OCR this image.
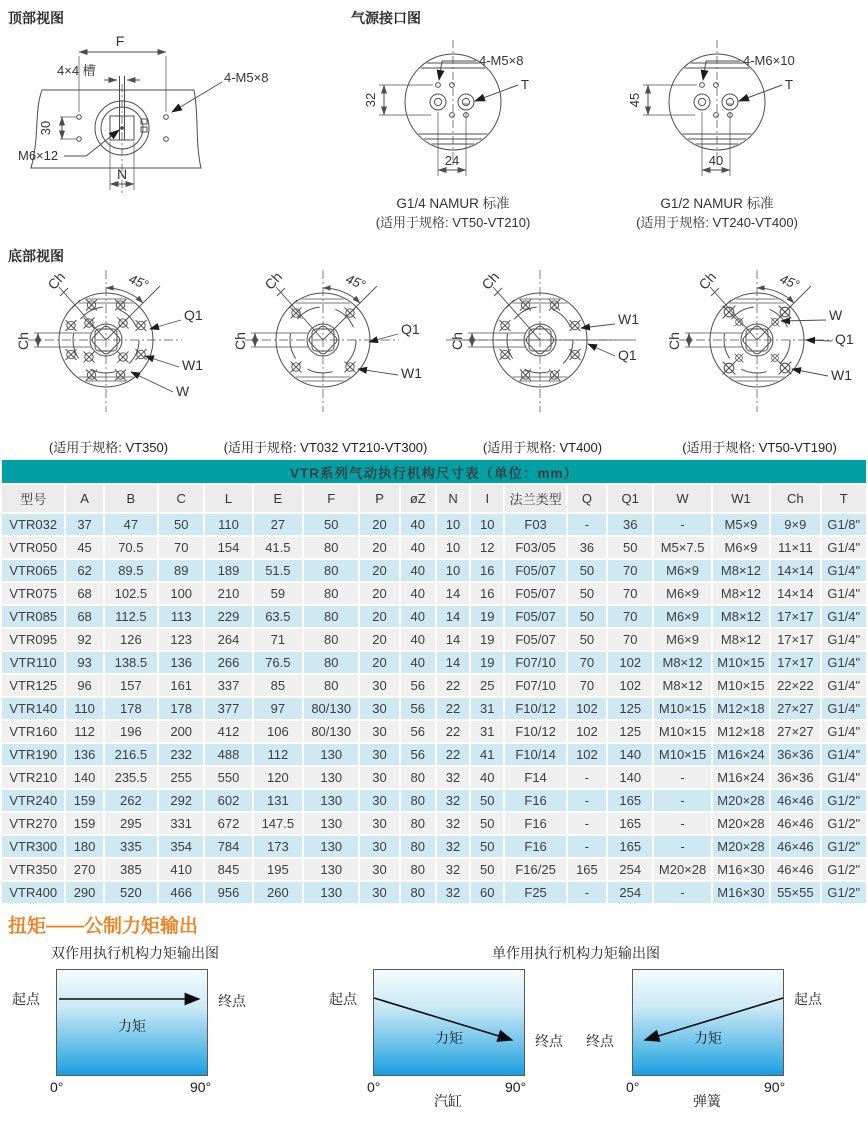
顶部视图
F
4×4 槽	4-M5×8
30
M6×12
N
气源接口图
4-M5×8
T
32
24
G1/4 NAMUR 标准
(适用于规格: VT50-VT210)
4-M6×10
T
45
40
G1/2 NAMUR 标准
(适用于规格: VT240-VT400)
底部视图
45°
Ch
Ch
Q1
W1
W
(适用于规格: VT350)
45°
Ch
Ch
Q1
W1
(适用于规格: VT032 VT210-VT300)
Ch
Ch
W1
Q1
(适用于规格: VT400)
45°
Ch
Ch
W
Q1
W1
(适用于规格: VT50-VT190)
VTR系列气动执行机构尺寸表（单位：mm）																	
型号	A	B	C	L	E	F	P	øZ	N	I	法兰类型	Q	Q1	W	W1	Ch	T
VTR032	37	47	50	110	27	50	20	40	10	10	F03	-	36	-	M5×9	9×9	G1/8"
VTR050	45	70.5	70	154	41.5	80	20	40	10	12	F03/05	36	50	M5×7.5	M6×9	11×11	G1/4"
VTR065	62	89.5	89	189	51.5	80	20	40	10	16	F05/07	50	70	M6×9	M8×12	14×14	G1/4"
VTR075	68	102.5	100	210	59	80	20	40	14	16	F05/07	50	70	M6×9	M8×12	14×14	G1/4"
VTR085	68	112.5	113	229	63.5	80	20	40	14	19	F05/07	50	70	M6×9	M8×12	17×17	G1/4"
VTR095	92	126	123	264	71	80	20	40	14	19	F05/07	50	70	M6×9	M8×12	17×17	G1/4"
VTR110	93	138.5	136	266	76.5	80	20	40	14	19	F07/10	70	102	M8×12	M10×15	17×17	G1/4"
VTR125	96	157	161	337	85	80	30	56	22	25	F07/10	70	102	M8×12	M10×15	22×22	G1/4"
VTR140	110	178	178	377	97	80/130	30	56	22	31	F10/12	102	125	M10×15	M12×18	27×27	G1/4"
VTR160	112	196	200	412	106	80/130	30	56	22	31	F10/12	102	125	M10×15	M12×18	27×27	G1/4"
VTR190	136	216.5	232	488	112	130	30	56	22	41	F10/14	102	140	M10×15	M16×24	36×36	G1/4"
VTR210	140	235.5	255	550	120	130	30	80	32	40	F14	-	140	-	M16×24	36×36	G1/4"
VTR240	159	262	292	602	131	130	30	80	32	50	F16	-	165	-	M20×28	46×46	G1/2"
VTR270	159	295	331	672	147.5	130	30	80	32	50	F16	-	165	-	M20×28	46×46	G1/2"
VTR300	180	335	354	784	173	130	30	80	32	50	F16	-	165	-	M20×28	46×46	G1/2"
VTR350	270	385	410	845	195	130	30	80	32	50	F16/25	165	254	M20×28	M16×30	46×46	G1/2"
VTR400	290	520	466	956	260	130	30	80	32	60	F25	-	254	-	M16×30	55×55	G1/2"
扭矩——公制力矩输出
双作用执行机构力矩输出图
力矩
起点	终点
0°	90°
单作用执行机构力矩输出图
力矩
起点
终点
0°	90°
汽缸
力矩
终点
起点
0°	90°
弹簧
